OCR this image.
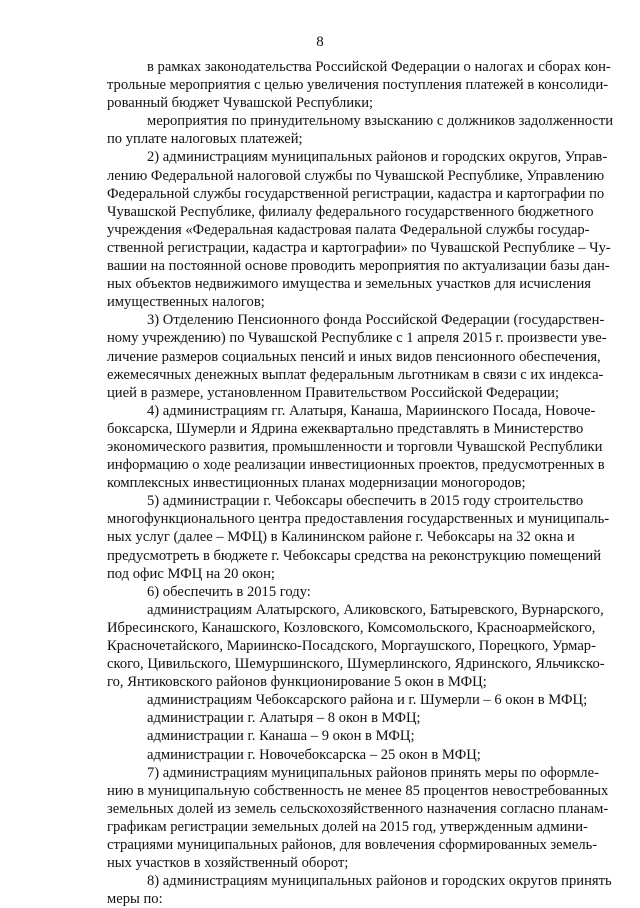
8

в рамках законодательства Российской Федерации о налогах и сборах кон-
трольные мероприятия с целью увеличения поступления платежей в консолиди-
рованный бюджет Чувашской Республики;

мероприятия по принудительному взысканию с должников задолженности
по уплате налоговых платежей;

2) администрациям муниципальных районов и городских округов, Управ-
лению Федеральной налоговой службы по Чувашской Республике, Управлению
Федеральной службы государственной регистрации, кадастра и картографии по
Чувашской Республике, филиалу федерального государственного бюджетного
учреждения «Федеральная кадастровая палата Федеральной службы государ-
ственной регистрации, кадастра и картографии» по Чувашской Республике – Чу-
вашии на постоянной основе проводить мероприятия по актуализации базы дан-
ных объектов недвижимого имущества и земельных участков для исчисления
имущественных налогов;

3) Отделению Пенсионного фонда Российской Федерации (государствен-
ному учреждению) по Чувашской Республике с 1 апреля 2015 г. произвести уве-
личение размеров социальных пенсий и иных видов пенсионного обеспечения,
ежемесячных денежных выплат федеральным льготникам в связи с их индекса-
цией в размере, установленном Правительством Российской Федерации;

4) администрациям гг. Алатыря, Канаша, Мариинского Посада, Новоче-
боксарска, Шумерли и Ядрина ежеквартально представлять в Министерство
экономического развития, промышленности и торговли Чувашской Республики
информацию о ходе реализации инвестиционных проектов, предусмотренных в
комплексных инвестиционных планах модернизации моногородов;

5) администрации г. Чебоксары обеспечить в 2015 году строительство
многофункционального центра предоставления государственных и муниципаль-
ных услуг (далее – МФЦ) в Калининском районе г. Чебоксары на 32 окна и
предусмотреть в бюджете г. Чебоксары средства на реконструкцию помещений
под офис МФЦ на 20 окон;

6) обеспечить в 2015 году:

администрациям Алатырского, Аликовского, Батыревского, Вурнарского,
Ибресинского, Канашского, Козловского, Комсомольского, Красноармейского,
Красночетайского, Мариинско-Посадского, Моргаушского, Порецкого, Урмар-
ского, Цивильского, Шемуршинского, Шумерлинского, Ядринского, Яльчикско-
го, Янтиковского районов функционирование 5 окон в МФЦ;

администрациям Чебоксарского района и г. Шумерли – 6 окон в МФЦ;

администрации г. Алатыря – 8 окон в МФЦ;

администрации г. Канаша – 9 окон в МФЦ;

администрации г. Новочебоксарска – 25 окон в МФЦ;

7) администрациям муниципальных районов принять меры по оформле-
нию в муниципальную собственность не менее 85 процентов невостребованных
земельных долей из земель сельскохозяйственного назначения согласно планам-
графикам регистрации земельных долей на 2015 год, утвержденным админи-
страциями муниципальных районов, для вовлечения сформированных земель-
ных участков в хозяйственный оборот;

8) администрациям муниципальных районов и городских округов принять
меры по:
